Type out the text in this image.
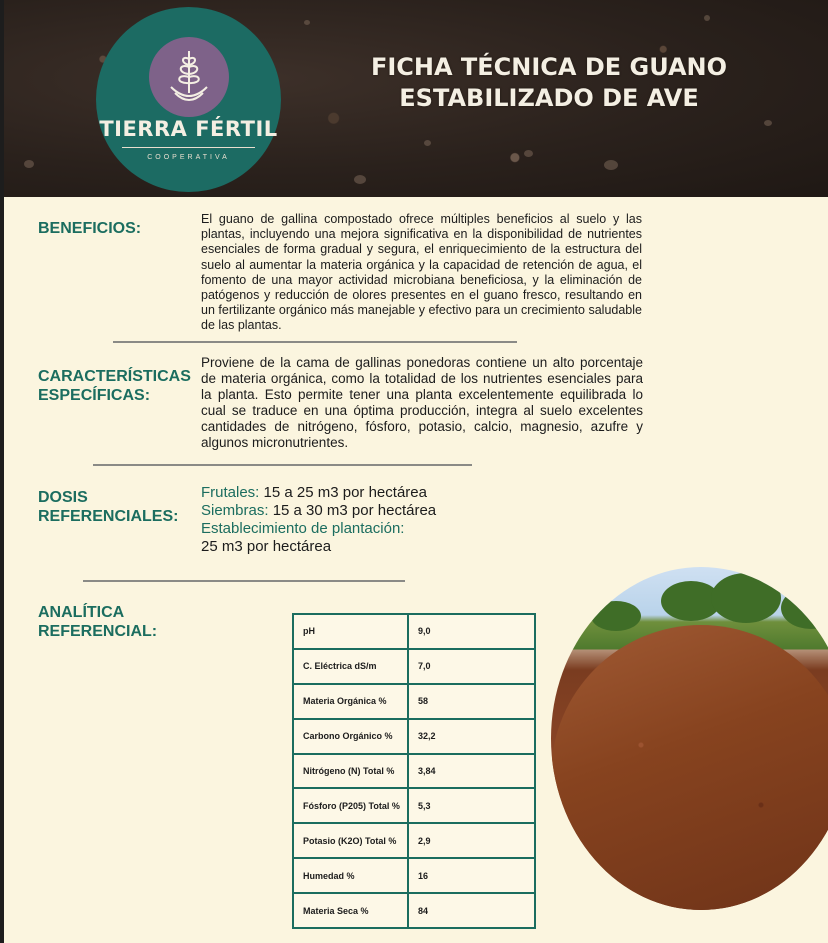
TIERRA FÉRTIL
COOPERATIVA
FICHA TÉCNICA DE GUANO
ESTABILIZADO DE AVE
BENEFICIOS:
El guano de gallina compostado ofrece múltiples beneficios al suelo y las plantas, incluyendo una mejora significativa en la disponibilidad de nutrientes esenciales de forma gradual y segura, el enriquecimiento de la estructura del suelo al aumentar la materia orgánica y la capacidad de retención de agua, el fomento de una mayor actividad microbiana beneficiosa, y la eliminación de patógenos y reducción de olores presentes en el guano fresco, resultando en un fertilizante orgánico más manejable y efectivo para un crecimiento saludable de las plantas.
CARACTERÍSTICAS
ESPECÍFICAS:
Proviene de la cama de gallinas ponedoras contiene un alto porcentaje de materia orgánica, como la totalidad de los nutrientes esenciales para la planta. Esto permite tener una planta excelentemente equilibrada lo cual se traduce en una óptima producción, integra al suelo excelentes cantidades de nitrógeno, fósforo, potasio, calcio, magnesio, azufre y algunos micronutrientes.
DOSIS
REFERENCIALES:
Frutales: 15 a 25 m3 por hectárea
Siembras: 15 a 30 m3 por hectárea
Establecimiento de plantación:
25 m3 por hectárea
ANALÍTICA
REFERENCIAL:	pH	9,0
C. Eléctrica dS/m	7,0
Materia Orgánica %	58
Carbono Orgánico %	32,2
Nitrógeno (N) Total %	3,84
Fósforo (P205) Total %	5,3
Potasio (K2O) Total %	2,9
Humedad %	16
Materia Seca %	84
